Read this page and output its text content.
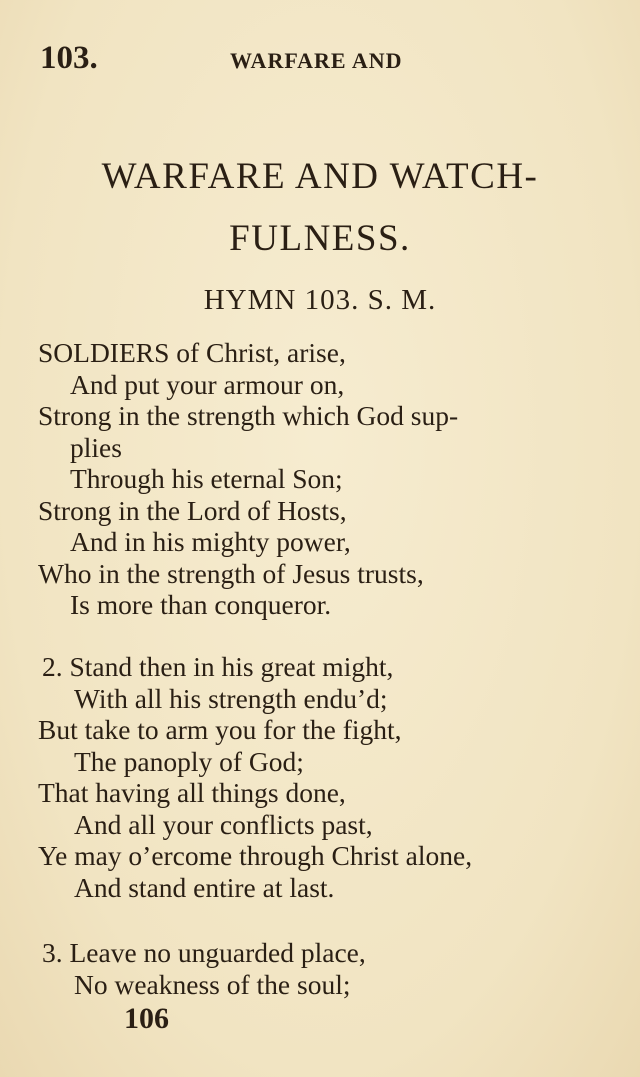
103.	WARFARE AND
WARFARE AND WATCH-
FULNESS.
HYMN 103. S. M.
SOLDIERS of Christ, arise,
And put your armour on,
Strong in the strength which God sup-
plies
Through his eternal Son;
Strong in the Lord of Hosts,
And in his mighty power,
Who in the strength of Jesus trusts,
Is more than conqueror.
2. Stand then in his great might,
With all his strength endu’d;
But take to arm you for the fight,
The panoply of God;
That having all things done,
And all your conflicts past,
Ye may o’ercome through Christ alone,
And stand entire at last.
3. Leave no unguarded place,
No weakness of the soul;
106
